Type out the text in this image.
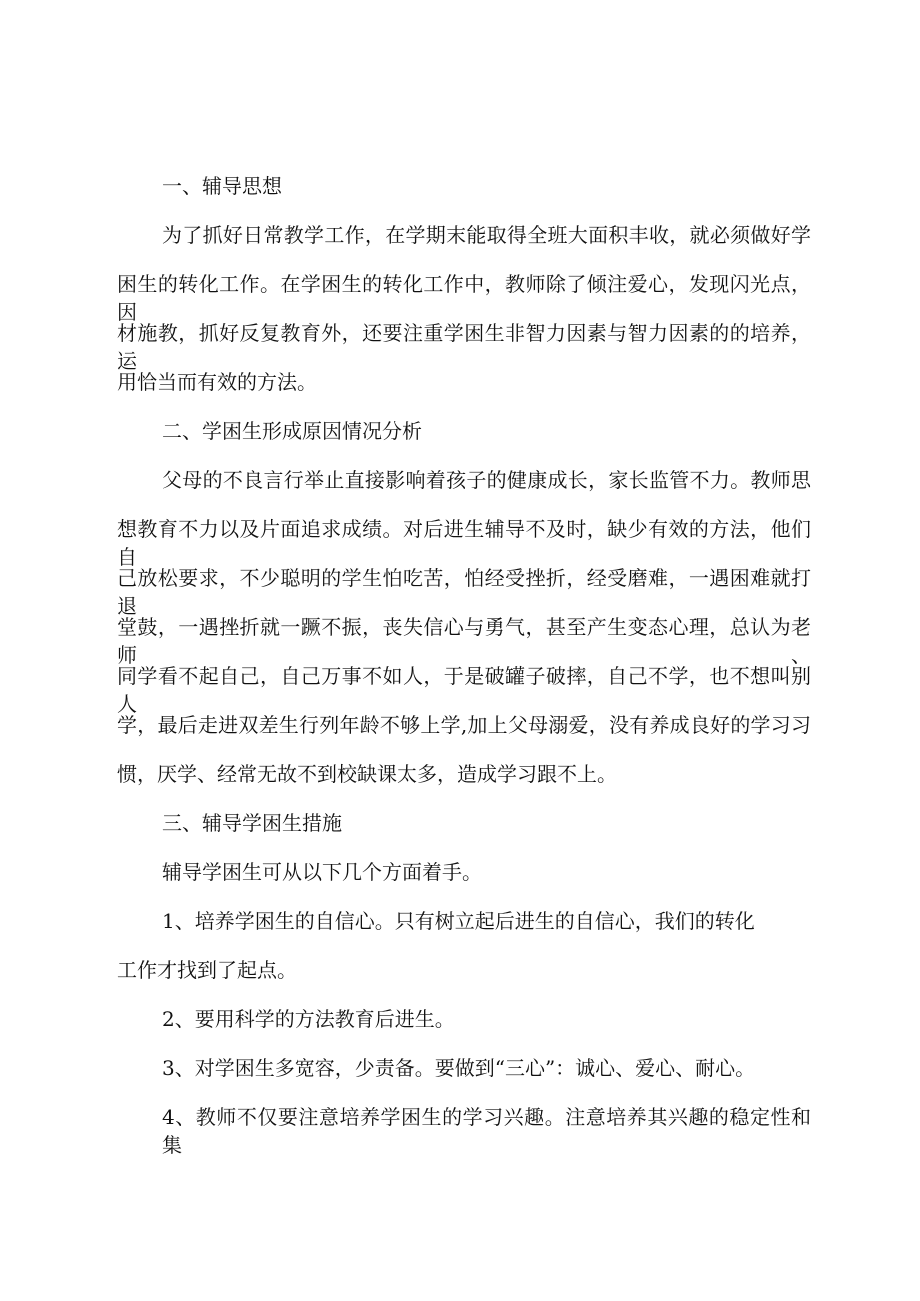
一、辅导思想

为了抓好日常教学工作，在学期末能取得全班大面积丰收，就必须做好学

困生的转化工作。在学困生的转化工作中，教师除了倾注爱心，发现闪光点，因

材施教，抓好反复教育外，还要注重学困生非智力因素与智力因素的的培养，运

用恰当而有效的方法。

二、学困生形成原因情况分析

父母的不良言行举止直接影响着孩子的健康成长，家长监管不力。教师思

想教育不力以及片面追求成绩。对后进生辅导不及时，缺少有效的方法，他们自

己放松要求，不少聪明的学生怕吃苦，怕经受挫折，经受磨难，一遇困难就打退

堂鼓，一遇挫折就一蹶不振，丧失信心与勇气，甚至产生变态心理，总认为老师、

同学看不起自己，自己万事不如人，于是破罐子破摔，自己不学，也不想叫别人

学，最后走进双差生行列年龄不够上学,加上父母溺爱，没有养成良好的学习习

惯，厌学、经常无故不到校缺课太多，造成学习跟不上。

三、辅导学困生措施

辅导学困生可从以下几个方面着手。

1、培养学困生的自信心。只有树立起后进生的自信心，我们的转化

工作才找到了起点。

2、要用科学的方法教育后进生。

3、对学困生多宽容，少责备。要做到“三心”：诚心、爱心、耐心。

4、教师不仅要注意培养学困生的学习兴趣。注意培养其兴趣的稳定性和集
